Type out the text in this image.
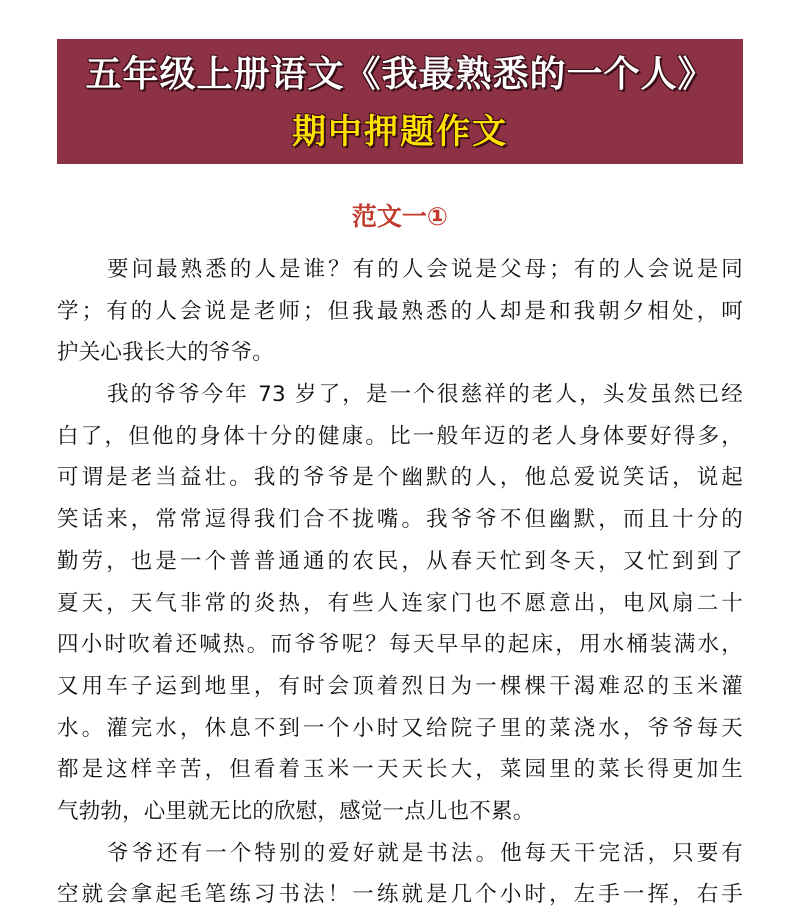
五年级上册语文《我最熟悉的一个人》
期中押题作文
范文一①
要问最熟悉的人是谁？有的人会说是父母；有的人会说是同
学；有的人会说是老师；但我最熟悉的人却是和我朝夕相处，呵
护关心我长大的爷爷。
我的爷爷今年 73 岁了，是一个很慈祥的老人，头发虽然已经
白了，但他的身体十分的健康。比一般年迈的老人身体要好得多，
可谓是老当益壮。我的爷爷是个幽默的人，他总爱说笑话，说起
笑话来，常常逗得我们合不拢嘴。我爷爷不但幽默，而且十分的
勤劳，也是一个普普通通的农民，从春天忙到冬天，又忙到到了
夏天，天气非常的炎热，有些人连家门也不愿意出，电风扇二十
四小时吹着还喊热。而爷爷呢？每天早早的起床，用水桶装满水，
又用车子运到地里，有时会顶着烈日为一棵棵干渴难忍的玉米灌
水。灌完水，休息不到一个小时又给院子里的菜浇水，爷爷每天
都是这样辛苦，但看着玉米一天天长大，菜园里的菜长得更加生
气勃勃，心里就无比的欣慰，感觉一点儿也不累。
爷爷还有一个特别的爱好就是书法。他每天干完活，只要有
空就会拿起毛笔练习书法！一练就是几个小时，左手一挥，右手
